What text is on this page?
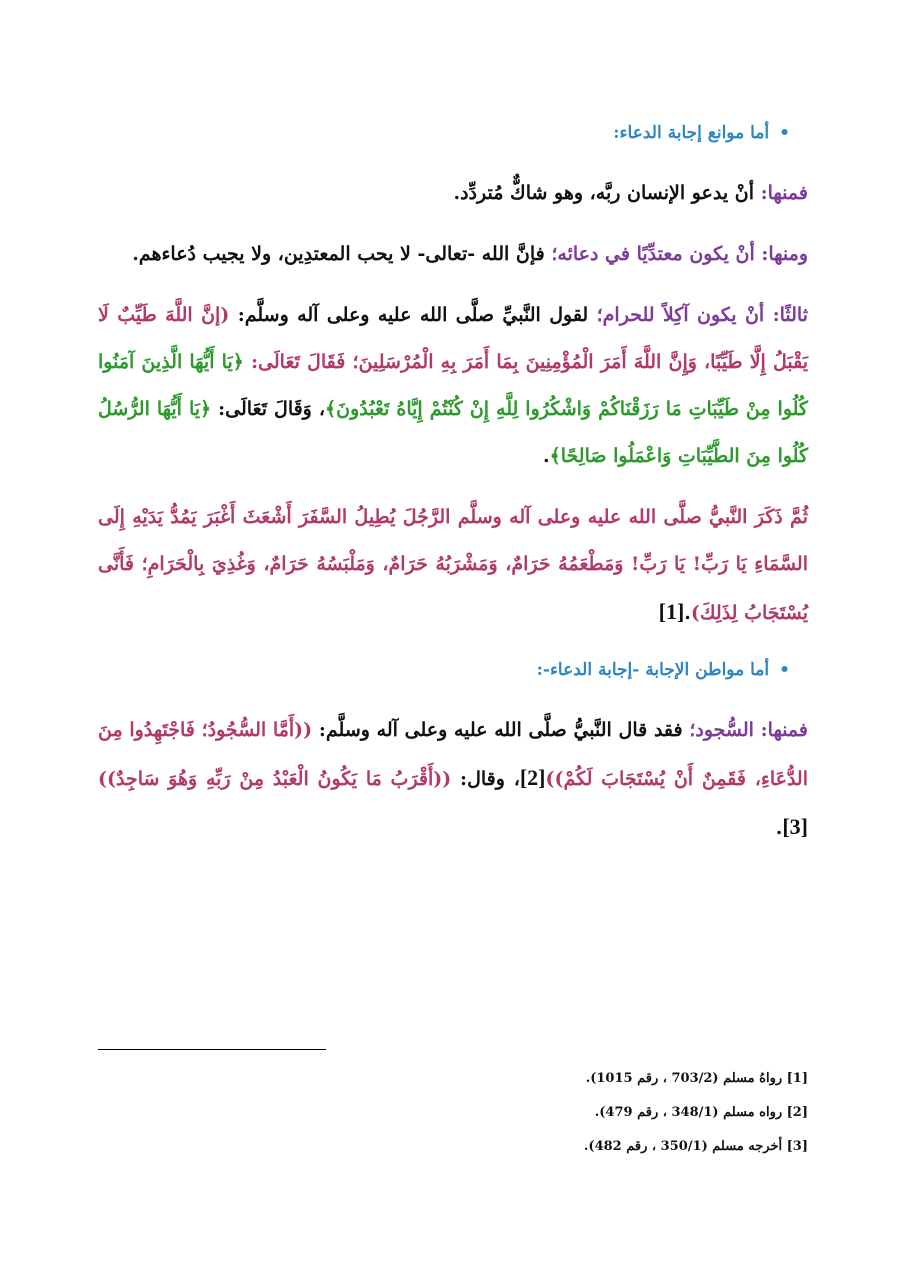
•أما موانع إجابة الدعاء:

فمنها: أنْ يدعو الإنسان ربَّه، وهو شاكٌّ مُتردِّد.

ومنها: أنْ يكون معتدِّيًا في دعائه؛ فإنَّ الله -تعالى- لا يحب المعتدِين، ولا يجيب دُعاءهم.

ثالثًا: أنْ يكون آكِلاً للحرام؛ لقول النَّبيِّ صلَّى الله عليه وعلى آله وسلَّم: (إنَّ اللَّهَ طَيِّبٌ لَا يَقْبَلُ إِلَّا طَيِّبًا، وَإِنَّ اللَّهَ أَمَرَ الْمُؤْمِنِينَ بِمَا أَمَرَ بِهِ الْمُرْسَلِينَ؛ فَقَالَ تَعَالَى: ﴿يَا أَيُّهَا الَّذِينَ آمَنُوا كُلُوا مِنْ طَيِّبَاتِ مَا رَزَقْنَاكُمْ وَاشْكُرُوا لِلَّهِ إِنْ كُنْتُمْ إِيَّاهُ تَعْبُدُونَ﴾، وَقَالَ تَعَالَى: ﴿يَا أَيُّهَا الرُّسُلُ كُلُوا مِنَ الطَّيِّبَاتِ وَاعْمَلُوا صَالِحًا﴾.

ثُمَّ ذَكَرَ النَّبيُّ صلَّى الله عليه وعلى آله وسلَّم الرَّجُلَ يُطِيلُ السَّفَرَ أَشْعَثَ أَغْبَرَ يَمُدُّ يَدَيْهِ إِلَى السَّمَاءِ يَا رَبِّ! يَا رَبِّ! وَمَطْعَمُهُ حَرَامٌ، وَمَشْرَبُهُ حَرَامٌ، وَمَلْبَسُهُ حَرَامٌ، وَغُذِيَ بِالْحَرَامِ؛ فَأَنَّى يُسْتَجَابُ لِذَلِكَ).[1]

•أما مواطن الإجابة -إجابة الدعاء-:

فمنها: السُّجود؛ فقد قال النَّبيُّ صلَّى الله عليه وعلى آله وسلَّم: ((أَمَّا السُّجُودُ؛ فَاجْتَهِدُوا مِنَ الدُّعَاءِ، فَقَمِنٌ أَنْ يُسْتَجَابَ لَكُمْ))[2]، وقال: ((أَقْرَبُ مَا يَكُونُ الْعَبْدُ مِنْ رَبِّهِ وَهُوَ سَاجِدٌ))[3].

[1] رواهُ مسلم (703/2 ، رقم 1015).
[2] رواه مسلم (348/1 ، رقم 479).
[3] أخرجه مسلم (350/1 ، رقم 482).
